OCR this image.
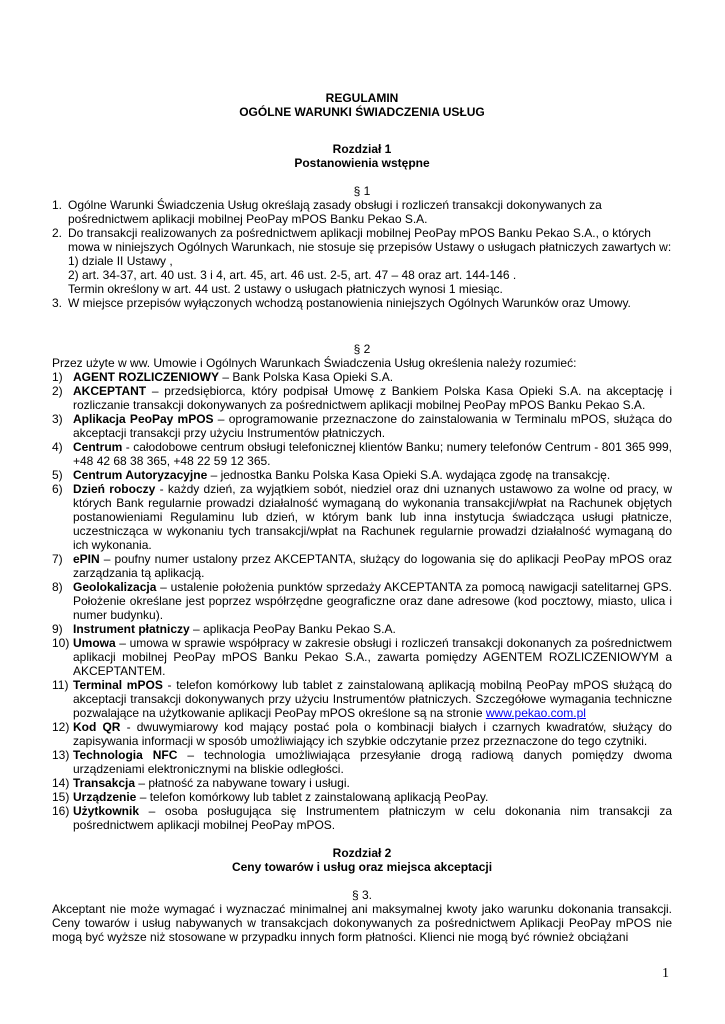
REGULAMIN
OGÓLNE WARUNKI ŚWIADCZENIA USŁUG
Rozdział 1
Postanowienia wstępne
§ 1
1. Ogólne Warunki Świadczenia Usług określają zasady obsługi i rozliczeń transakcji dokonywanych za pośrednictwem aplikacji mobilnej PeoPay mPOS Banku Pekao S.A.
2. Do transakcji realizowanych za pośrednictwem aplikacji mobilnej PeoPay mPOS Banku Pekao S.A., o których mowa w niniejszych Ogólnych Warunkach, nie stosuje się przepisów Ustawy o usługach płatniczych zawartych w:
1) dziale II Ustawy ,
2) art. 34-37, art. 40 ust. 3 i 4, art. 45, art. 46 ust. 2-5, art. 47 – 48 oraz art. 144-146 .
Termin określony w art. 44 ust. 2 ustawy o usługach płatniczych wynosi 1 miesiąc.
3. W miejsce przepisów wyłączonych wchodzą postanowienia niniejszych Ogólnych Warunków oraz Umowy.
§ 2
Przez użyte w ww. Umowie i Ogólnych Warunkach Świadczenia Usług określenia należy rozumieć:
1) AGENT ROZLICZENIOWY – Bank Polska Kasa Opieki S.A.
2) AKCEPTANT – przedsiębiorca, który podpisał Umowę z Bankiem Polska Kasa Opieki S.A. na akceptację i rozliczanie transakcji dokonywanych za pośrednictwem aplikacji mobilnej PeoPay mPOS Banku Pekao S.A.
3) Aplikacja PeoPay mPOS – oprogramowanie przeznaczone do zainstalowania w Terminalu mPOS, służąca do akceptacji transakcji przy użyciu Instrumentów płatniczych.
4) Centrum - całodobowe centrum obsługi telefonicznej klientów Banku; numery telefonów Centrum - 801 365 999, +48 42 68 38 365, +48 22 59 12 365.
5) Centrum Autoryzacyjne – jednostka Banku Polska Kasa Opieki S.A. wydająca zgodę na transakcję.
6) Dzień roboczy - każdy dzień, za wyjątkiem sobót, niedziel oraz dni uznanych ustawowo za wolne od pracy, w których Bank regularnie prowadzi działalność wymaganą do wykonania transakcji/wpłat na Rachunek objętych postanowieniami Regulaminu lub dzień, w którym bank lub inna instytucja świadcząca usługi płatnicze, uczestnicząca w wykonaniu tych transakcji/wpłat na Rachunek regularnie prowadzi działalność wymaganą do ich wykonania.
7) ePIN – poufny numer ustalony przez AKCEPTANTA, służący do logowania się do aplikacji PeoPay mPOS oraz zarządzania tą aplikacją.
8) Geolokalizacja – ustalenie położenia punktów sprzedaży AKCEPTANTA za pomocą nawigacji satelitarnej GPS. Położenie określane jest poprzez współrzędne geograficzne oraz dane adresowe (kod pocztowy, miasto, ulica i numer budynku).
9) Instrument płatniczy – aplikacja PeoPay Banku Pekao S.A.
10) Umowa – umowa w sprawie współpracy w zakresie obsługi i rozliczeń transakcji dokonanych za pośrednictwem aplikacji mobilnej PeoPay mPOS Banku Pekao S.A., zawarta pomiędzy AGENTEM ROZLICZENIOWYM a AKCEPTANTEM.
11) Terminal mPOS - telefon komórkowy lub tablet z zainstalowaną aplikacją mobilną PeoPay mPOS służącą do akceptacji transakcji dokonywanych przy użyciu Instrumentów płatniczych. Szczegółowe wymagania techniczne pozwalające na użytkowanie aplikacji PeoPay mPOS określone są na stronie www.pekao.com.pl
12) Kod QR - dwuwymiarowy kod mający postać pola o kombinacji białych i czarnych kwadratów, służący do zapisywania informacji w sposób umożliwiający ich szybkie odczytanie przez przeznaczone do tego czytniki.
13) Technologia NFC – technologia umożliwiająca przesyłanie drogą radiową danych pomiędzy dwoma urządzeniami elektronicznymi na bliskie odległości.
14) Transakcja – płatność za nabywane towary i usługi.
15) Urządzenie – telefon komórkowy lub tablet z zainstalowaną aplikacją PeoPay.
16) Użytkownik – osoba posługująca się Instrumentem płatniczym w celu dokonania nim transakcji za pośrednictwem aplikacji mobilnej PeoPay mPOS.
Rozdział 2
Ceny towarów i usług oraz miejsca akceptacji
§ 3.
Akceptant nie może wymagać i wyznaczać minimalnej ani maksymalnej kwoty jako warunku dokonania transakcji. Ceny towarów i usług nabywanych w transakcjach dokonywanych za pośrednictwem Aplikacji PeoPay mPOS nie mogą być wyższe niż stosowane w przypadku innych form płatności. Klienci nie mogą być również obciążani
1
